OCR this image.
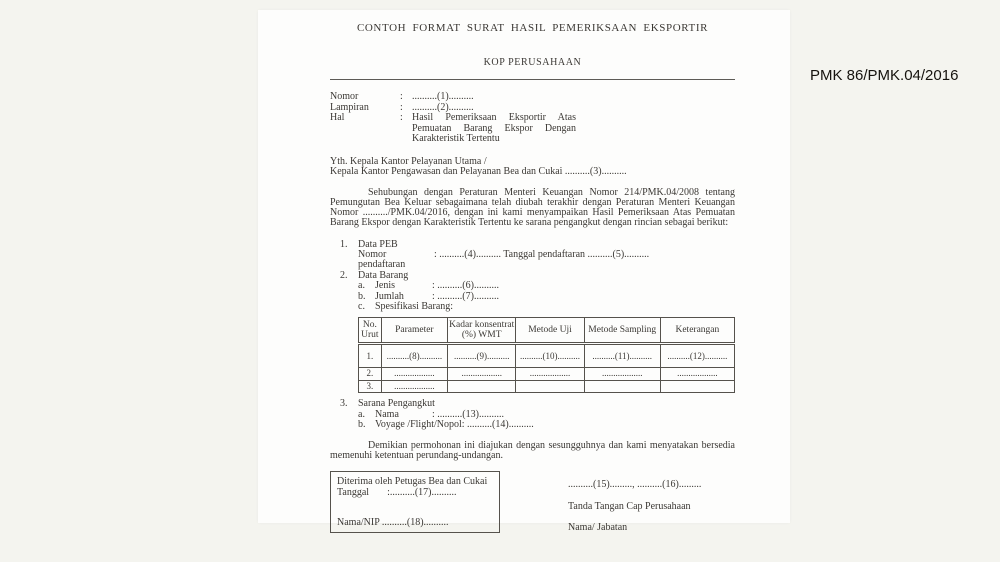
CONTOH FORMAT SURAT HASIL PEMERIKSAAN EKSPORTIR
KOP PERUSAHAAN
Nomor	: ..........(1)..........
Lampiran	: ..........(2)..........
Hal	: Hasil Pemeriksaan Eksportir Atas Pemuatan Barang Ekspor Dengan Karakteristik Tertentu
Yth. Kepala Kantor Pelayanan Utama /
Kepala Kantor Pengawasan dan Pelayanan Bea dan Cukai ..........(3)..........
Sehubungan dengan Peraturan Menteri Keuangan Nomor 214/PMK.04/2008 tentang Pemungutan Bea Keluar sebagaimana telah diubah terakhir dengan Peraturan Menteri Keuangan Nomor ........../PMK.04/2016, dengan ini kami menyampaikan Hasil Pemeriksaan Atas Pemuatan Barang Ekspor dengan Karakteristik Tertentu ke sarana pengangkut dengan rincian sebagai berikut:
1.	Data PEB
Nomor pendaftaran
: ..........(4).......... Tanggal pendaftaran ..........(5)..........
2.	Data Barang
a.	Jenis	: ..........(6)..........
b. Jumlah	: ..........(7)..........
c.	Spesifikasi Barang :
No. Urut	Parameter	Kadar konsentrat (%) WMT	Metode Uji	Metode Sampling	Keterangan
1.	..........(8)..........	..........(9)..........	..........(10)..........	..........(11)..........	..........(12)..........
2.	..................	..................	..................	..................	..................
3.	..................				
3.	Sarana Pengangkut
a.	Nama	: ..........(13)..........
b. Voyage /Flight/Nopol : ..........(14)..........
Demikian permohonan ini diajukan dengan sesungguhnya dan kami menyatakan bersedia memenuhi ketentuan perundang-undangan.
Diterima oleh Petugas Bea dan Cukai
Tanggal :..........(17)..........
Nama/NIP ..........(18)..........
..........(15)........., ..........(16).........
Tanda Tangan Cap Perusahaan
Nama/ Jabatan
PMK 86/PMK.04/2016
